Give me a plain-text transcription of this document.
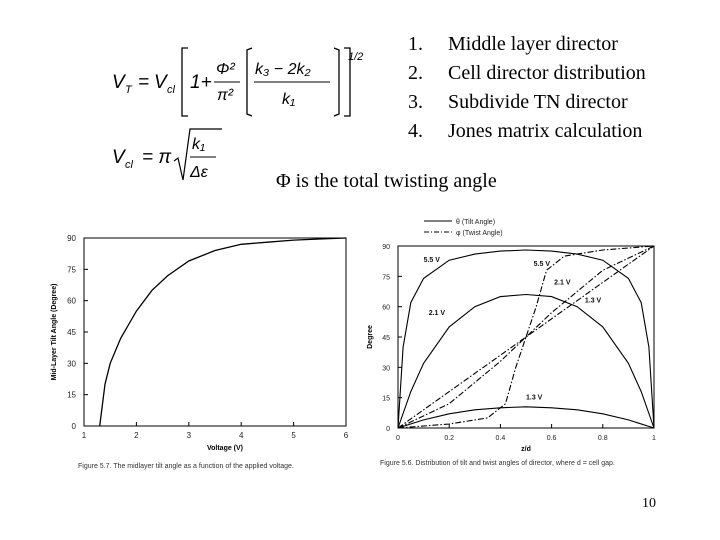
V T = V cl 1+
Φ²
π²
k₃ − 2k₂
k₁
1/2
V cl = π
k₁
Δε
1.	Middle layer director
2.	Cell director distribution
3.	Subdivide TN director
4.	Jones matrix calculation
Φ is the total twisting angle
0
15
30
45
60
75
90
1	2	3	4	5	6
Voltage (V)
Mid-Layer Tilt Angle (Degree)
Figure 5.7. The midlayer tilt angle as a function of the applied voltage.
0
15
30
45
60
75
90
0	0.2	0.4	0.6	0.8	1
z/d
Degree
θ (Tilt Angle)
φ (Twist Angle)
5.5 V
2.1 V
1.3 V
5.5 V
2.1 V
1.3 V
Figure 5.6. Distribution of tilt and twist angles of director, where d = cell gap.
10
